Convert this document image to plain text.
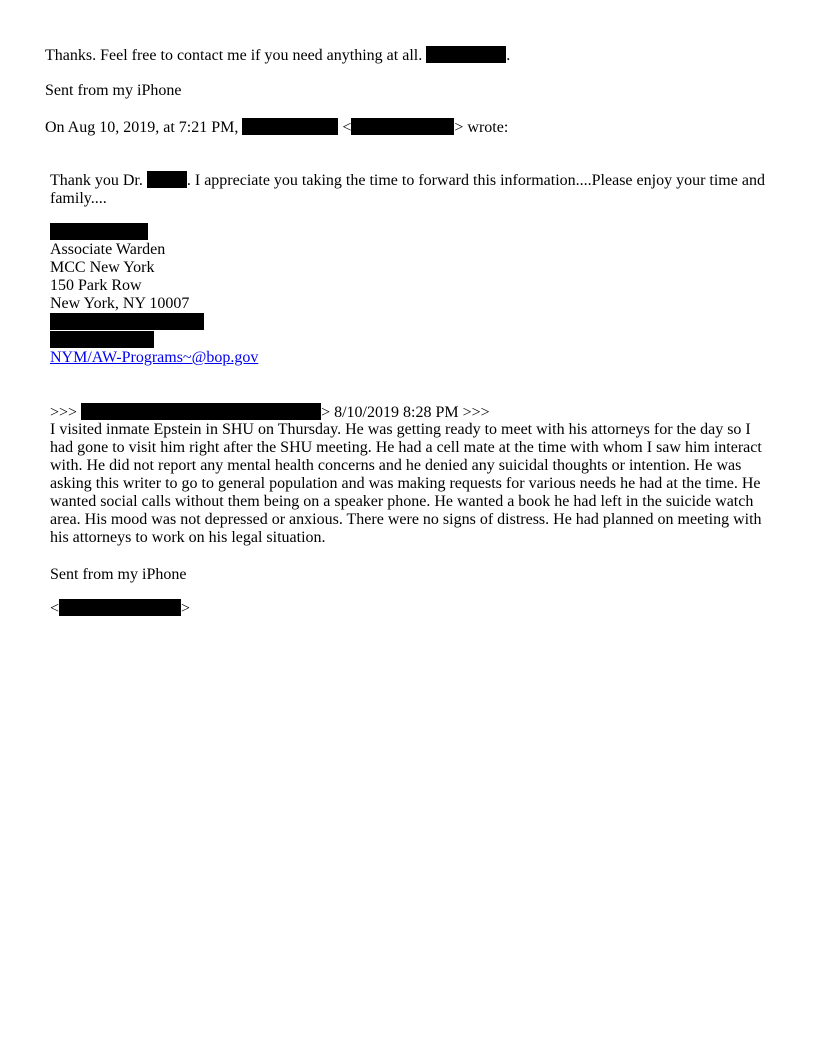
Thanks. Feel free to contact me if you need anything at all.	.
Sent from my iPhone
On Aug 10, 2019, at 7:21 PM,	<	> wrote:

Thank you Dr.	. I appreciate you taking the time to forward this information....Please enjoy your time and family....

Associate Warden
MCC New York
150 Park Row
New York, NY 10007
NYM/AW-Programs~@bop.gov
>>>	> 8/10/2019 8:28 PM >>>

I visited inmate Epstein in SHU on Thursday. He was getting ready to meet with his attorneys for the day so I had gone to visit him right after the SHU meeting. He had a cell mate at the time with whom I saw him interact with. He did not report any mental health concerns and he denied any suicidal thoughts or intention. He was asking this writer to go to general population and was making requests for various needs he had at the time. He wanted social calls without them being on a speaker phone. He wanted a book he had left in the suicide watch area. His mood was not depressed or anxious. There were no signs of distress. He had planned on meeting with his attorneys to work on his legal situation.

Sent from my iPhone
<	>
